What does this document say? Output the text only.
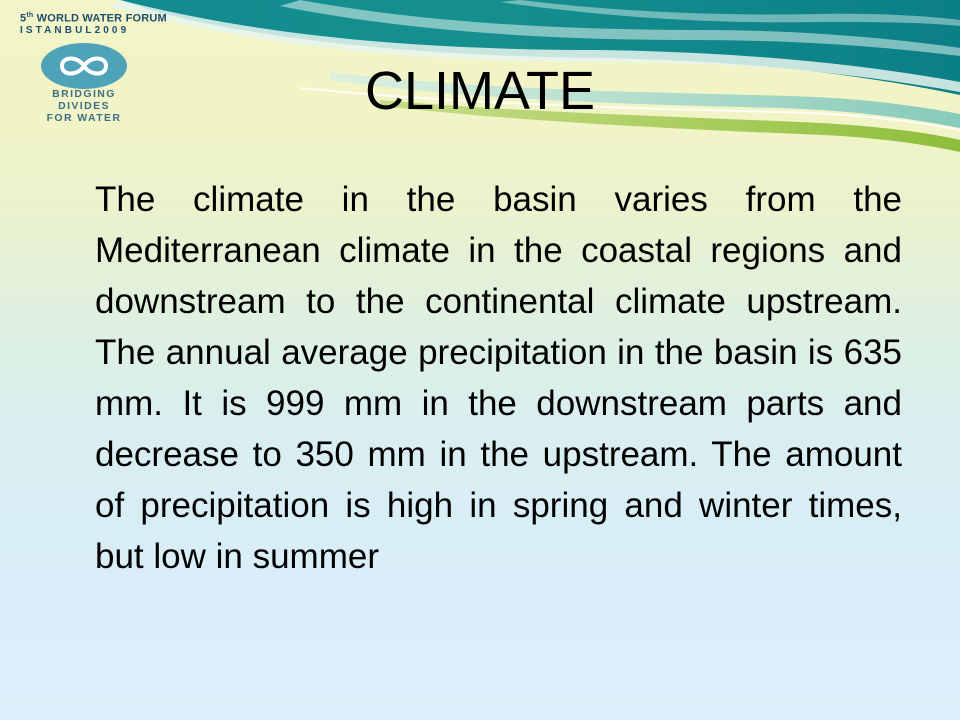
5th WORLD WATER FORUM
ISTANBUL2009
BRIDGING
DIVIDES
FOR WATER	CLIMATE

The climate in the basin varies from the Mediterranean climate in the coastal regions and downstream to the continental climate upstream. The annual average precipitation in the basin is 635 mm. It is 999 mm in the downstream parts and decrease to 350 mm in the upstream. The amount of precipitation is high in spring and winter times, but low in summer
